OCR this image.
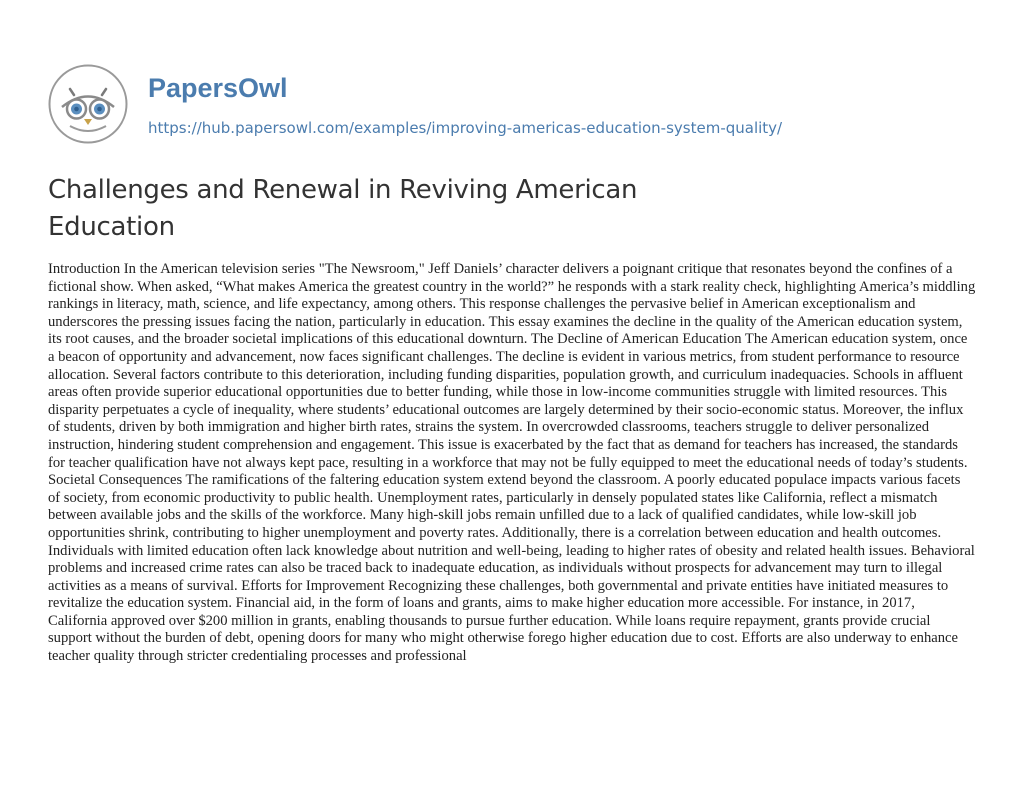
PapersOwl
https://hub.papersowl.com/examples/improving-americas-education-system-quality/
Challenges and Renewal in Reviving American Education

Introduction In the American television series "The Newsroom," Jeff Daniels’ character delivers a poignant critique that resonates beyond the confines of a fictional show. When asked, “What makes America the greatest country in the world?” he responds with a stark reality check, highlighting America’s middling rankings in literacy, math, science, and life expectancy, among others. This response challenges the pervasive belief in American exceptionalism and underscores the pressing issues facing the nation, particularly in education. This essay examines the decline in the quality of the American education system, its root causes, and the broader societal implications of this educational downturn. The Decline of American Education The American education system, once a beacon of opportunity and advancement, now faces significant challenges. The decline is evident in various metrics, from student performance to resource allocation. Several factors contribute to this deterioration, including funding disparities, population growth, and curriculum inadequacies. Schools in affluent areas often provide superior educational opportunities due to better funding, while those in low-income communities struggle with limited resources. This disparity perpetuates a cycle of inequality, where students’ educational outcomes are largely determined by their socio-economic status. Moreover, the influx of students, driven by both immigration and higher birth rates, strains the system. In overcrowded classrooms, teachers struggle to deliver personalized instruction, hindering student comprehension and engagement. This issue is exacerbated by the fact that as demand for teachers has increased, the standards for teacher qualification have not always kept pace, resulting in a workforce that may not be fully equipped to meet the educational needs of today’s students. Societal Consequences The ramifications of the faltering education system extend beyond the classroom. A poorly educated populace impacts various facets of society, from economic productivity to public health. Unemployment rates, particularly in densely populated states like California, reflect a mismatch between available jobs and the skills of the workforce. Many high-skill jobs remain unfilled due to a lack of qualified candidates, while low-skill job opportunities shrink, contributing to higher unemployment and poverty rates. Additionally, there is a correlation between education and health outcomes. Individuals with limited education often lack knowledge about nutrition and well-being, leading to higher rates of obesity and related health issues. Behavioral problems and increased crime rates can also be traced back to inadequate education, as individuals without prospects for advancement may turn to illegal activities as a means of survival. Efforts for Improvement Recognizing these challenges, both governmental and private entities have initiated measures to revitalize the education system. Financial aid, in the form of loans and grants, aims to make higher education more accessible. For instance, in 2017, California approved over $200 million in grants, enabling thousands to pursue further education. While loans require repayment, grants provide crucial support without the burden of debt, opening doors for many who might otherwise forego higher education due to cost. Efforts are also underway to enhance teacher quality through stricter credentialing processes and professional
